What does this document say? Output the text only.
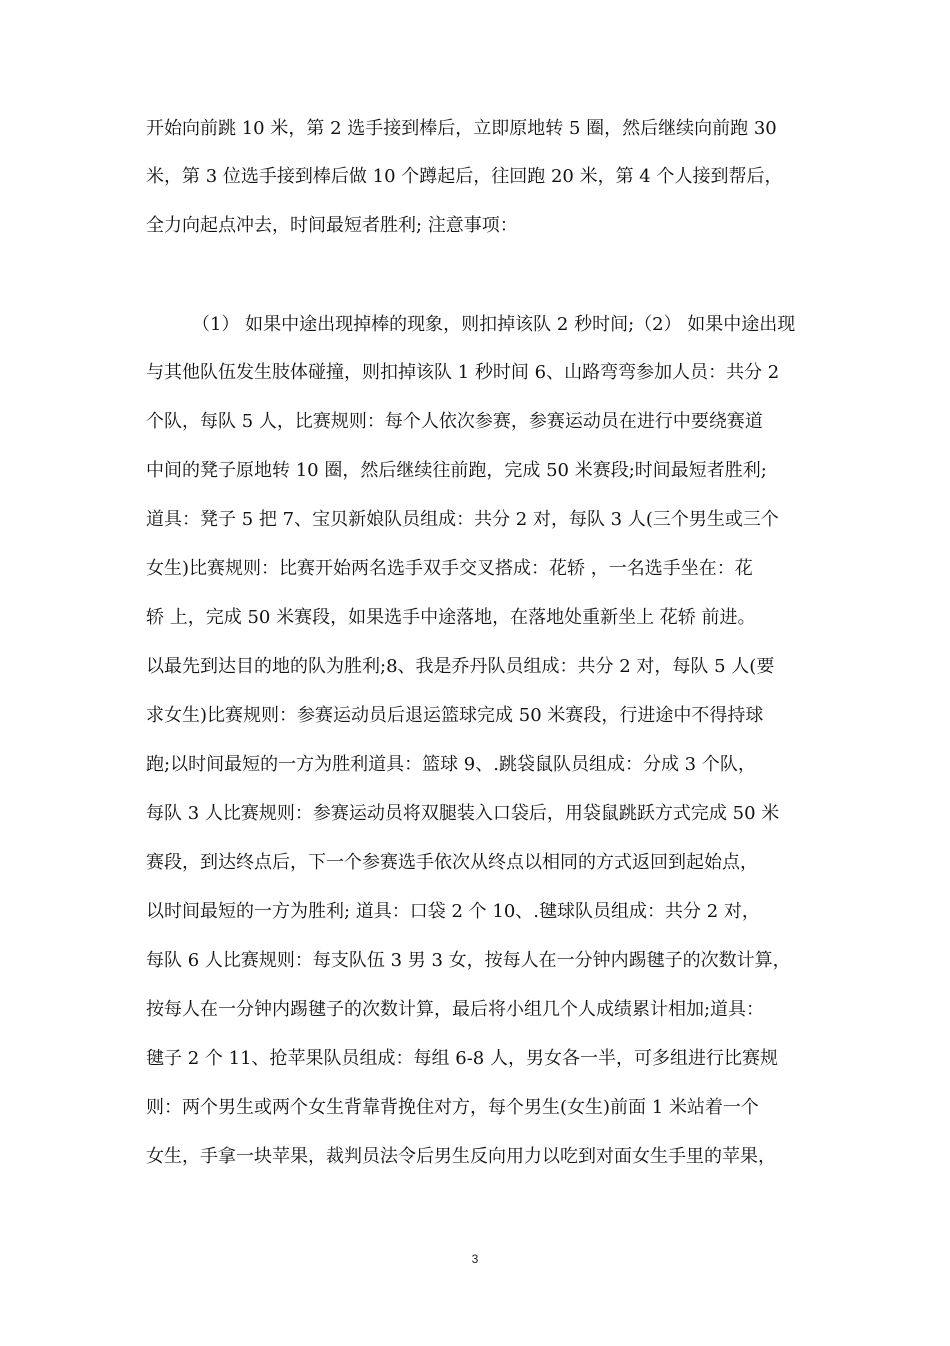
开始向前跳 10 米，第 2 选手接到棒后，立即原地转 5 圈，然后继续向前跑 30
米，第 3 位选手接到棒后做 10 个蹲起后，往回跑 20 米，第 4 个人接到帮后，
全力向起点冲去，时间最短者胜利; 注意事项：
（1） 如果中途出现掉棒的现象，则扣掉该队 2 秒时间;（2） 如果中途出现
与其他队伍发生肢体碰撞，则扣掉该队 1 秒时间 6、山路弯弯参加人员：共分 2
个队，每队 5 人，比赛规则：每个人依次参赛，参赛运动员在进行中要绕赛道
中间的凳子原地转 10 圈，然后继续往前跑，完成 50 米赛段;时间最短者胜利;
道具：凳子 5 把 7、宝贝新娘队员组成：共分 2 对，每队 3 人(三个男生或三个
女生)比赛规则：比赛开始两名选手双手交叉搭成：花轿 ，一名选手坐在：花
轿 上，完成 50 米赛段，如果选手中途落地，在落地处重新坐上 花轿 前进。
以最先到达目的地的队为胜利;8、我是乔丹队员组成：共分 2 对，每队 5 人(要
求女生)比赛规则：参赛运动员后退运篮球完成 50 米赛段，行进途中不得持球
跑;以时间最短的一方为胜利道具：篮球 9、.跳袋鼠队员组成：分成 3 个队，
每队 3 人比赛规则：参赛运动员将双腿装入口袋后，用袋鼠跳跃方式完成 50 米
赛段，到达终点后，下一个参赛选手依次从终点以相同的方式返回到起始点，
以时间最短的一方为胜利; 道具：口袋 2 个 10、.毽球队员组成：共分 2 对，
每队 6 人比赛规则：每支队伍 3 男 3 女，按每人在一分钟内踢毽子的次数计算，
按每人在一分钟内踢毽子的次数计算，最后将小组几个人成绩累计相加;道具：
毽子 2 个 11、抢苹果队员组成：每组 6-8 人，男女各一半，可多组进行比赛规
则：两个男生或两个女生背靠背挽住对方，每个男生(女生)前面 1 米站着一个
女生，手拿一块苹果，裁判员法令后男生反向用力以吃到对面女生手里的苹果，
3
